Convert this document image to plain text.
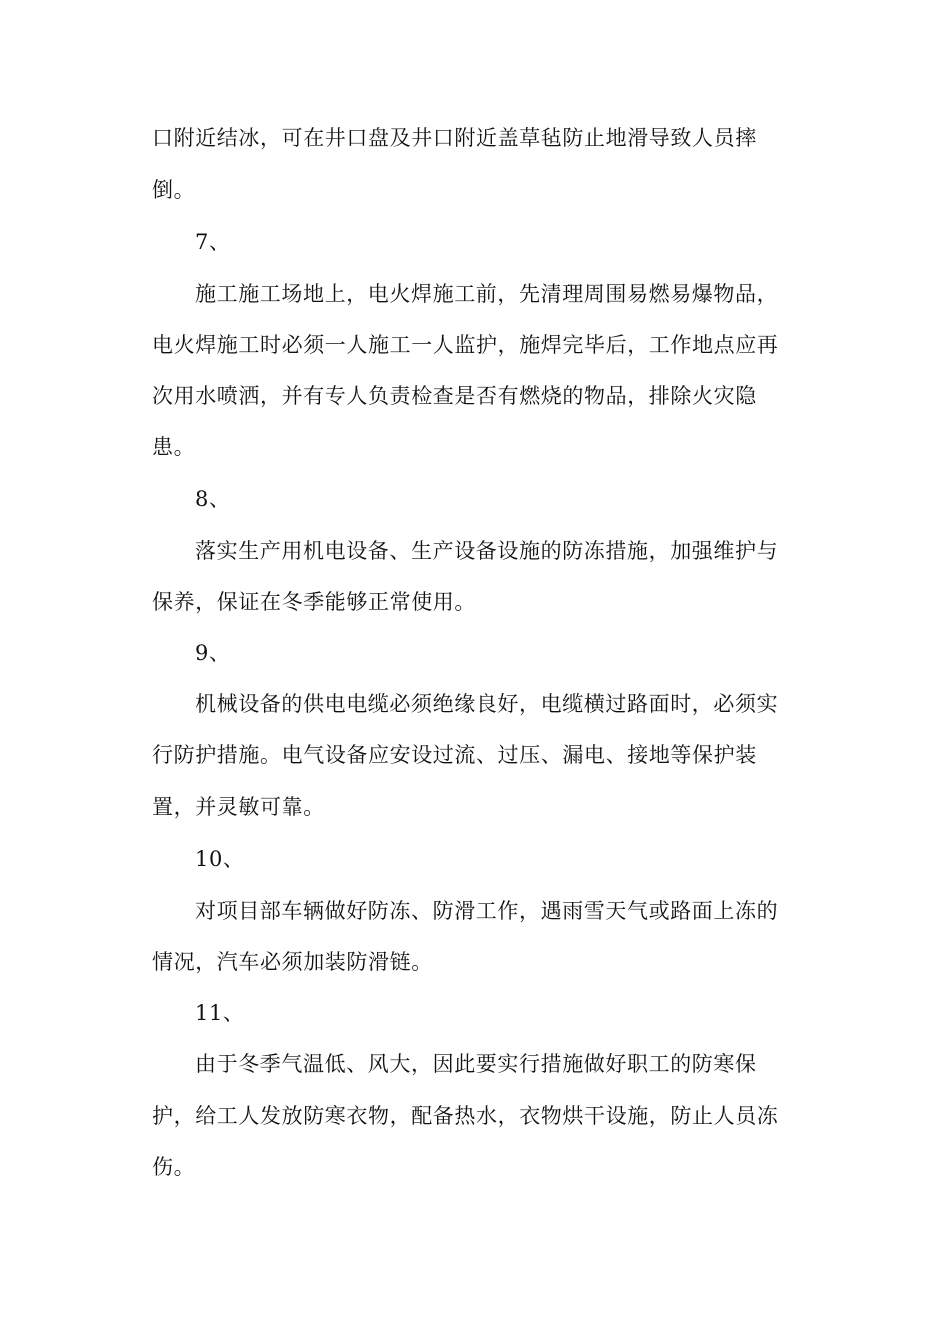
口附近结冰，可在井口盘及井口附近盖草毡防止地滑导致人员摔
倒。
7、
施工施工场地上，电火焊施工前，先清理周围易燃易爆物品，
电火焊施工时必须一人施工一人监护，施焊完毕后，工作地点应再
次用水喷洒，并有专人负责检查是否有燃烧的物品，排除火灾隐
患。
8、
落实生产用机电设备、生产设备设施的防冻措施，加强维护与
保养，保证在冬季能够正常使用。
9、
机械设备的供电电缆必须绝缘良好，电缆横过路面时，必须实
行防护措施。电气设备应安设过流、过压、漏电、接地等保护装
置，并灵敏可靠。
10、
对项目部车辆做好防冻、防滑工作，遇雨雪天气或路面上冻的
情况，汽车必须加装防滑链。
11、
由于冬季气温低、风大，因此要实行措施做好职工的防寒保
护，给工人发放防寒衣物，配备热水，衣物烘干设施，防止人员冻
伤。
